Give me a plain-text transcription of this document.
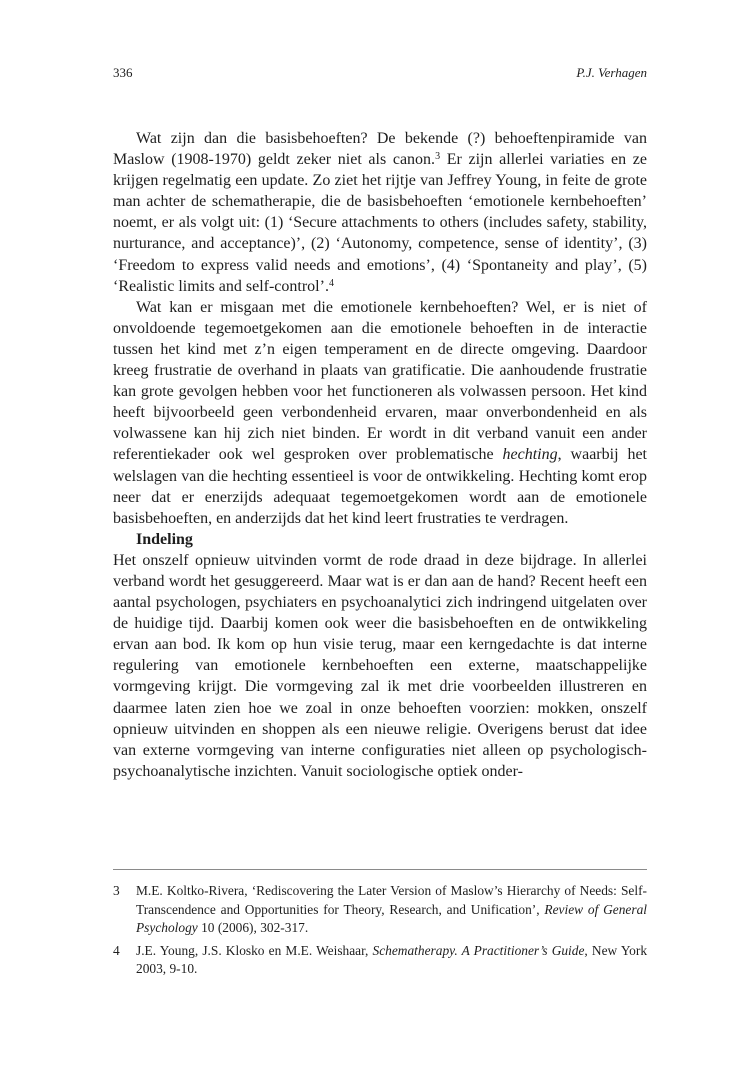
336	P.J. Verhagen

Wat zijn dan die basisbehoeften? De bekende (?) behoeftenpiramide van Maslow (1908-1970) geldt zeker niet als canon.$^3$ Er zijn allerlei variaties en ze krijgen regelmatig een update. Zo ziet het rijtje van Jeffrey Young, in feite de grote man achter de schematherapie, die de basisbehoeften ‘emotionele kernbehoeften’ noemt, er als volgt uit: (1) ‘Secure attachments to others (includes safety, stability, nurturance, and acceptance)’, (2) ‘Autonomy, competence, sense of identity’, (3) ‘Freedom to express valid needs and emotions’, (4) ‘Spontaneity and play’, (5) ‘Realistic limits and self-control’.$^4$

Wat kan er misgaan met die emotionele kernbehoeften? Wel, er is niet of onvoldoende tegemoetgekomen aan die emotionele behoeften in de interactie tussen het kind met z’n eigen temperament en de directe omgeving. Daardoor kreeg frustratie de overhand in plaats van gratificatie. Die aanhoudende frustratie kan grote gevolgen hebben voor het functioneren als volwassen persoon. Het kind heeft bijvoorbeeld geen verbondenheid ervaren, maar onverbondenheid en als volwassene kan hij zich niet binden. Er wordt in dit verband vanuit een ander referentiekader ook wel gesproken over problematische hechting, waarbij het welslagen van die hechting essentieel is voor de ontwikkeling. Hechting komt erop neer dat er enerzijds adequaat tegemoetgekomen wordt aan de emotionele basisbehoeften, en anderzijds dat het kind leert frustraties te verdragen.

Indeling

Het onszelf opnieuw uitvinden vormt de rode draad in deze bijdrage. In allerlei verband wordt het gesuggereerd. Maar wat is er dan aan de hand? Recent heeft een aantal psychologen, psychiaters en psychoanalytici zich indringend uitgelaten over de huidige tijd. Daarbij komen ook weer die basisbehoeften en de ontwikkeling ervan aan bod. Ik kom op hun visie terug, maar een kerngedachte is dat interne regulering van emotionele kernbehoeften een externe, maatschappelijke vormgeving krijgt. Die vormgeving zal ik met drie voorbeelden illustreren en daarmee laten zien hoe we zoal in onze behoeften voorzien: mokken, onszelf opnieuw uitvinden en shoppen als een nieuwe religie. Overigens berust dat idee van externe vormgeving van interne configuraties niet alleen op psychologisch-psychoanalytische inzichten. Vanuit sociologische optiek onder-

3 M.E. Koltko-Rivera, ‘Rediscovering the Later Version of Maslow’s Hierarchy of Needs: Self-Transcendence and Opportunities for Theory, Research, and Unification’, Review of General Psychology 10 (2006), 302-317.
4 J.E. Young, J.S. Klosko en M.E. Weishaar, Schematherapy. A Practitioner’s Guide, New York 2003, 9-10.
